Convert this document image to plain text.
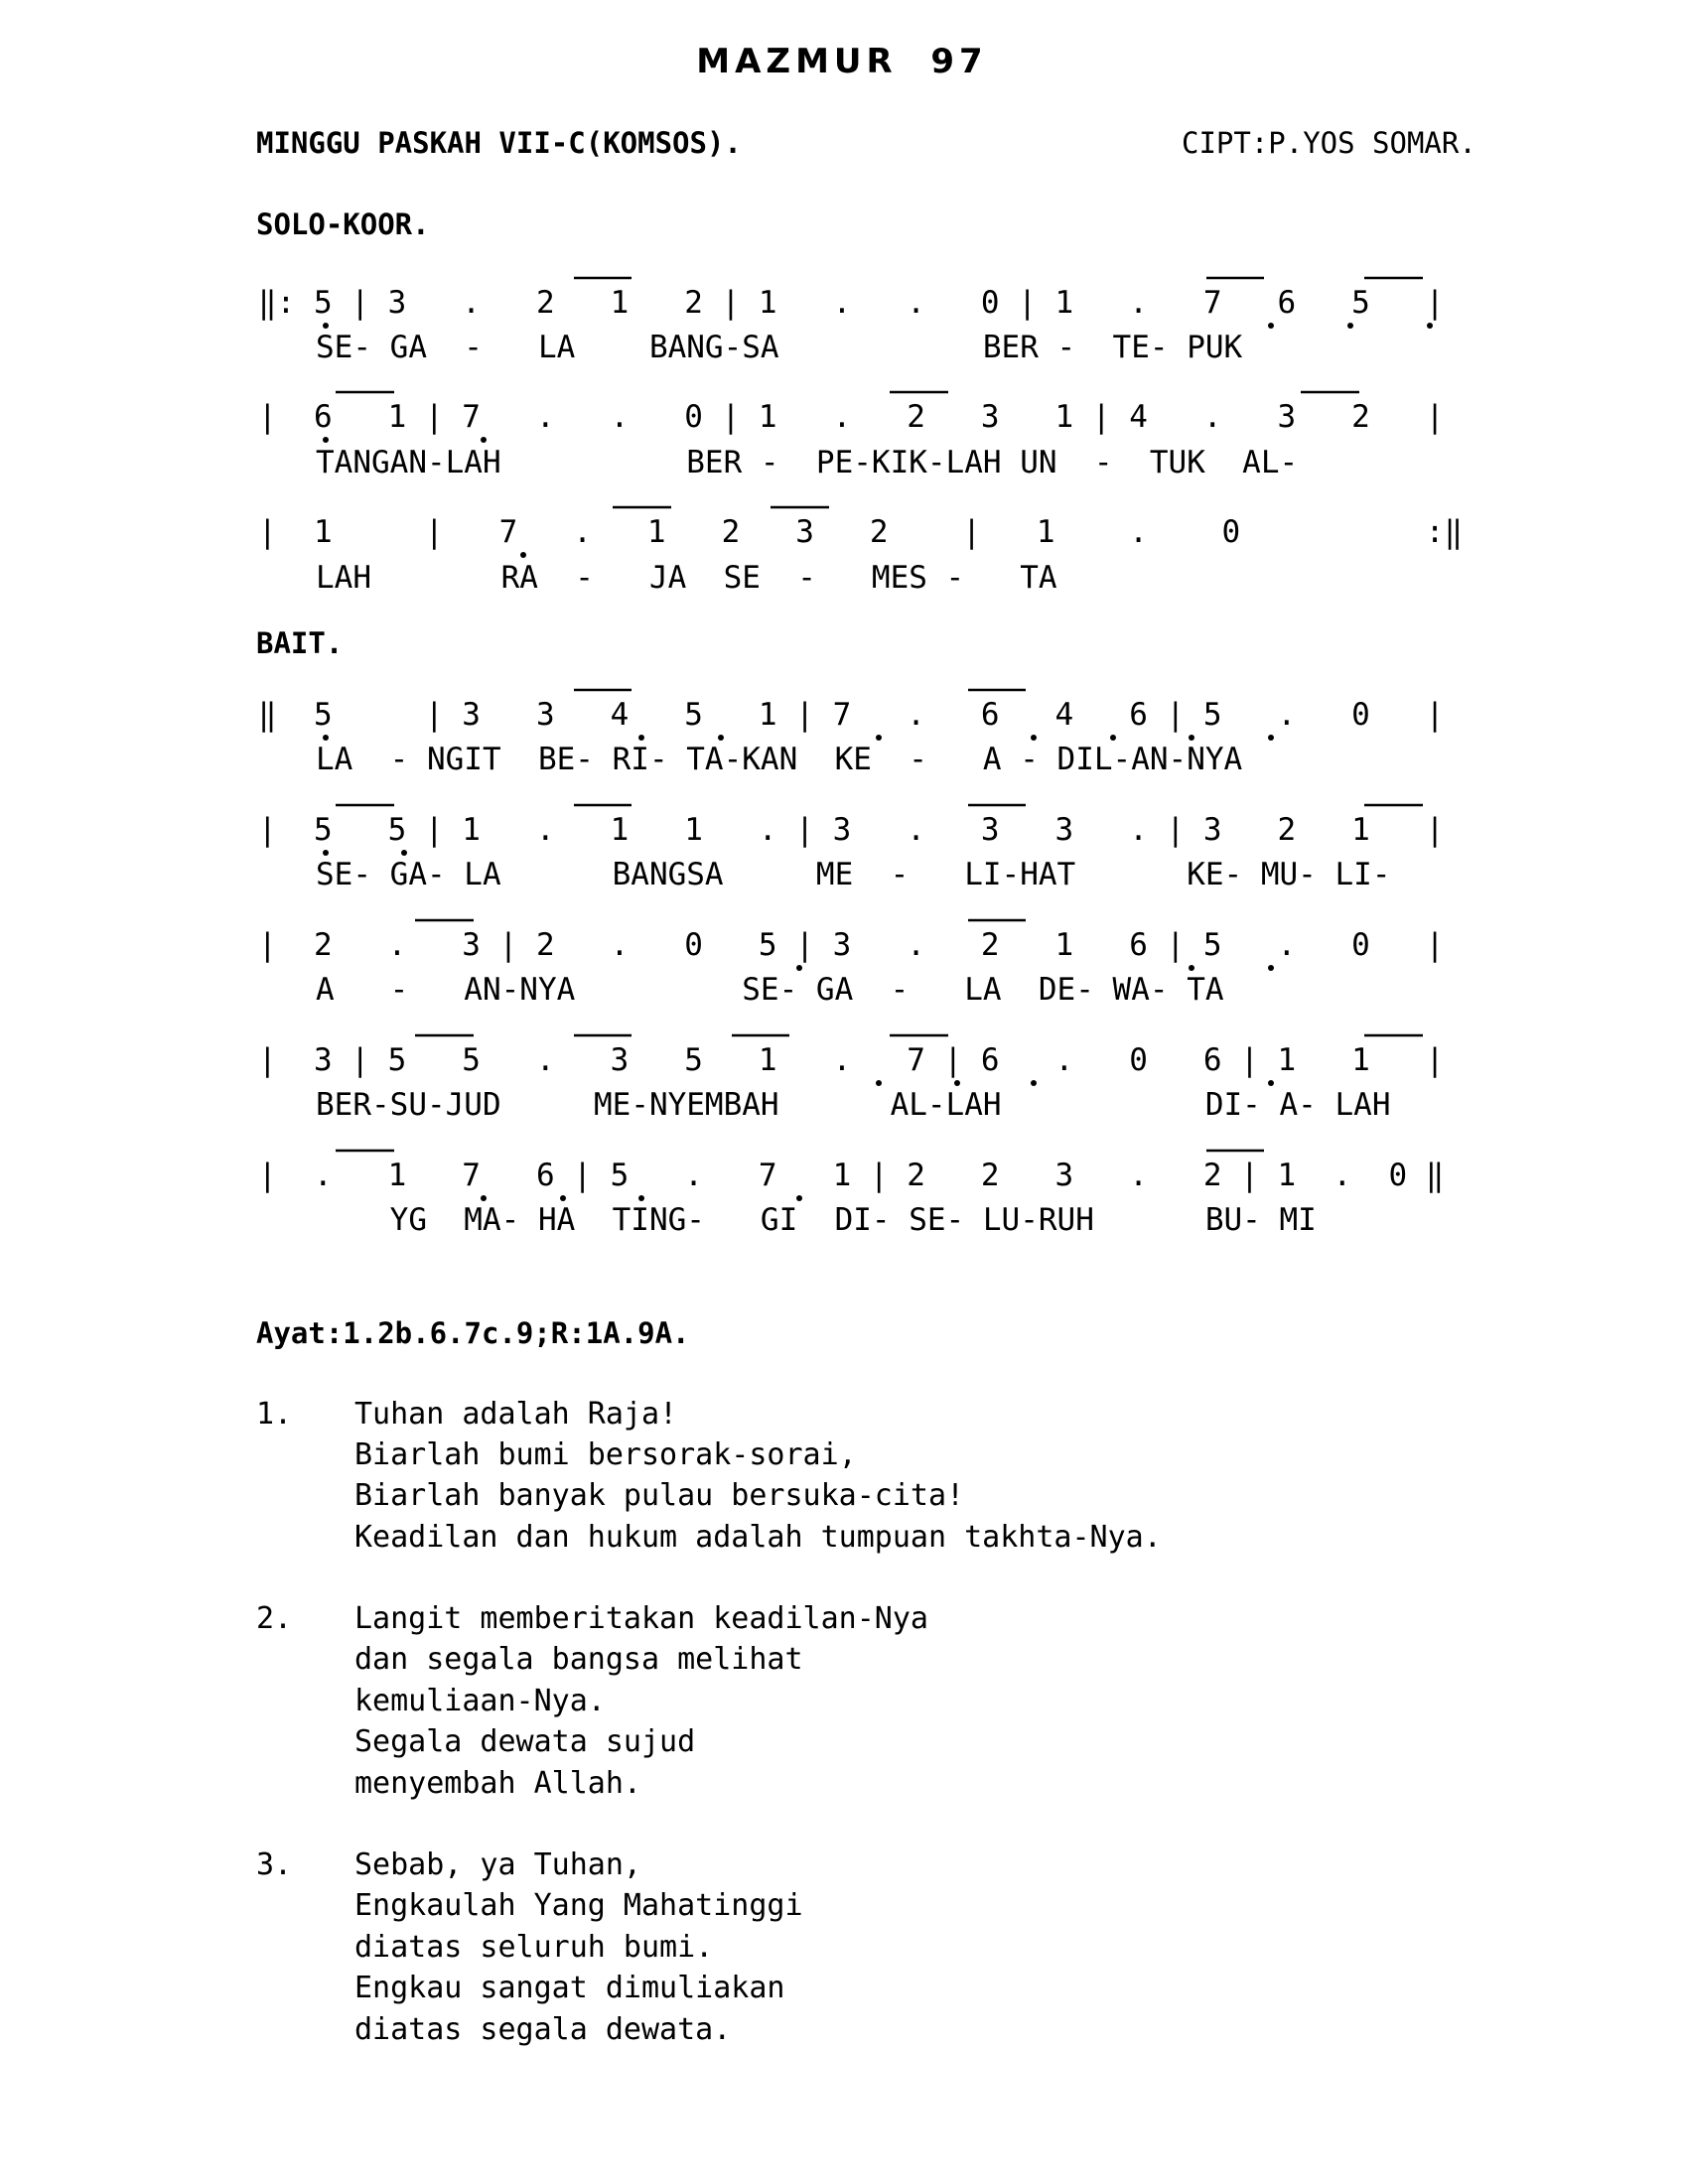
MAZMUR  97
MINGGU PASKAH VII-C(KOMSOS).	CIPT:P.YOS SOMAR.
SOLO-KOOR.
‖: 5 | 3   .   2   1   2 | 1   .   .   0 | 1   .   7   6   5   |
SE- GA  -   LA    BANG-SA           BER -  TE- PUK
|  6   1 | 7   .   .   0 | 1   .   2   3   1 | 4   .   3   2   |
TANGAN-LAH          BER -  PE-KIK-LAH UN  -  TUK  AL-
|  1     |   7   .   1   2   3   2    |   1    .    0          :‖
LAH       RA  -   JA  SE  -   MES -   TA
BAIT.
‖  5     | 3   3   4   5   1 | 7   .   6   4   6 | 5   .   0   |
LA  - NGIT  BE- RI- TA-KAN  KE  -   A - DIL-AN-NYA
|  5   5 | 1   .   1   1   . | 3   .   3   3   . | 3   2   1   |
SE- GA- LA      BANGSA     ME  -   LI-HAT      KE- MU- LI-
|  2   .   3 | 2   .   0   5 | 3   .   2   1   6 | 5   .   0   |
A   -   AN-NYA         SE- GA  -   LA  DE- WA- TA
|  3 | 5   5   .   3   5   1   .   7 | 6   .   0   6 | 1   1   |
BER-SU-JUD     ME-NYEMBAH      AL-LAH           DI- A- LAH
|  .   1   7   6 | 5   .   7   1 | 2   2   3   .   2 | 1  .  0 ‖
YG  MA- HA  TING-   GI  DI- SE- LU-RUH      BU- MI
Ayat:1.2b.6.7c.9;R:1A.9A.
1. Tuhan adalah Raja!
Biarlah bumi bersorak-sorai,
Biarlah banyak pulau bersuka-cita!
Keadilan dan hukum adalah tumpuan takhta-Nya.
2. Langit memberitakan keadilan-Nya
dan segala bangsa melihat
kemuliaan-Nya.
Segala dewata sujud
menyembah Allah.
3. Sebab, ya Tuhan,
Engkaulah Yang Mahatinggi
diatas seluruh bumi.
Engkau sangat dimuliakan
diatas segala dewata.
